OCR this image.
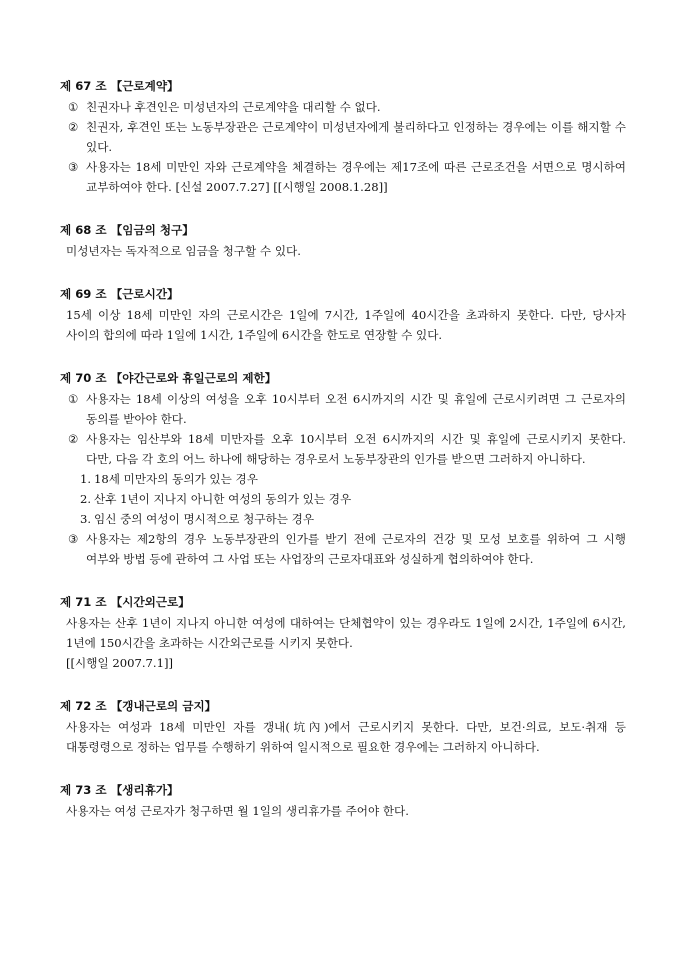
제 67 조 【근로계약】
① 친권자나 후견인은 미성년자의 근로계약을 대리할 수 없다.
② 친권자, 후견인 또는 노동부장관은 근로계약이 미성년자에게 불리하다고 인정하는 경우에는 이를 해지할 수 있다.
③ 사용자는 18세 미만인 자와 근로계약을 체결하는 경우에는 제17조에 따른 근로조건을 서면으로 명시하여 교부하여야 한다. [신설 2007.7.27] [[시행일 2008.1.28]]
제 68 조 【임금의 청구】
미성년자는 독자적으로 임금을 청구할 수 있다.
제 69 조 【근로시간】
15세 이상 18세 미만인 자의 근로시간은 1일에 7시간, 1주일에 40시간을 초과하지 못한다. 다만, 당사자 사이의 합의에 따라 1일에 1시간, 1주일에 6시간을 한도로 연장할 수 있다.
제 70 조 【야간근로와 휴일근로의 제한】
① 사용자는 18세 이상의 여성을 오후 10시부터 오전 6시까지의 시간 및 휴일에 근로시키려면 그 근로자의 동의를 받아야 한다.
② 사용자는 임산부와 18세 미만자를 오후 10시부터 오전 6시까지의 시간 및 휴일에 근로시키지 못한다. 다만, 다음 각 호의 어느 하나에 해당하는 경우로서 노동부장관의 인가를 받으면 그러하지 아니하다.
1. 18세 미만자의 동의가 있는 경우
2. 산후 1년이 지나지 아니한 여성의 동의가 있는 경우
3. 임신 중의 여성이 명시적으로 청구하는 경우
③ 사용자는 제2항의 경우 노동부장관의 인가를 받기 전에 근로자의 건강 및 모성 보호를 위하여 그 시행 여부와 방법 등에 관하여 그 사업 또는 사업장의 근로자대표와 성실하게 협의하여야 한다.
제 71 조 【시간외근로】
사용자는 산후 1년이 지나지 아니한 여성에 대하여는 단체협약이 있는 경우라도 1일에 2시간, 1주일에 6시간, 1년에 150시간을 초과하는 시간외근로를 시키지 못한다.
[[시행일 2007.7.1]]
제 72 조 【갱내근로의 금지】
사용자는 여성과 18세 미만인 자를 갱내(坑內)에서 근로시키지 못한다. 다만, 보건·의료, 보도·취재 등 대통령령으로 정하는 업무를 수행하기 위하여 일시적으로 필요한 경우에는 그러하지 아니하다.
제 73 조 【생리휴가】
사용자는 여성 근로자가 청구하면 월 1일의 생리휴가를 주어야 한다.
